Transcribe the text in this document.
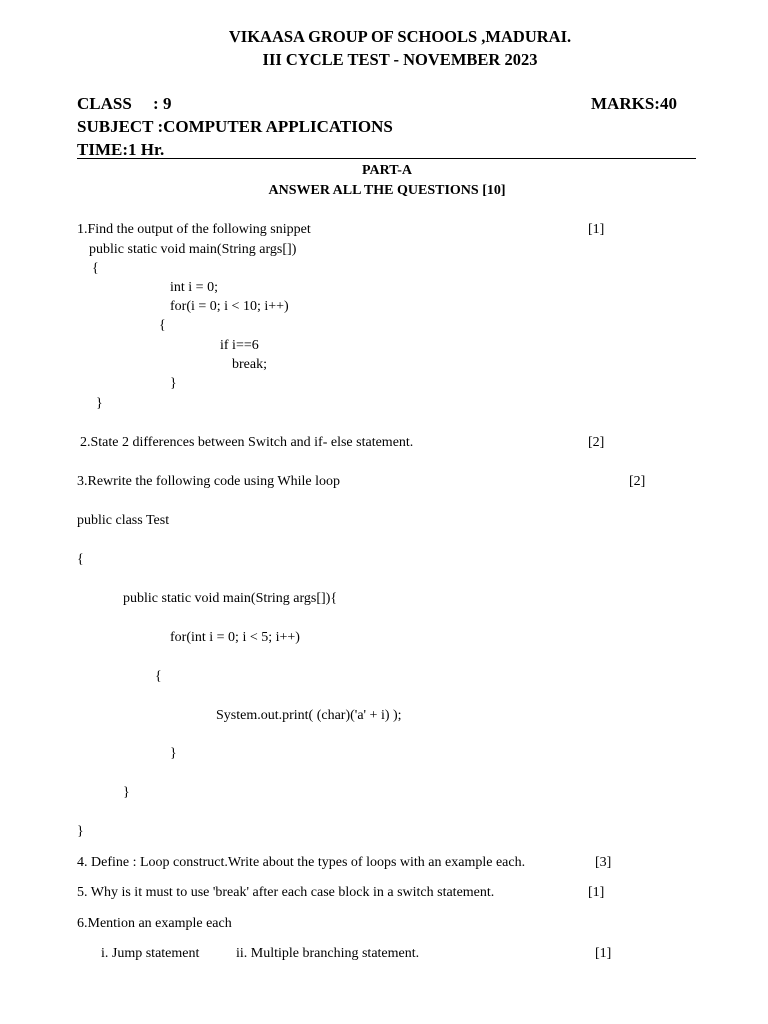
VIKAASA GROUP OF SCHOOLS ,MADURAI.
III CYCLE TEST - NOVEMBER 2023
CLASS     : 9	MARKS:40
SUBJECT :COMPUTER APPLICATIONS
TIME:1 Hr.
PART-A
ANSWER ALL THE QUESTIONS [10]
1.Find the output of the following snippet	[1]
public static void main(String args[])
{
int i = 0;
for(i = 0; i < 10; i++)
{
if i==6
break;
}
}
2.State 2 differences between Switch and if- else statement.	[2]
3.Rewrite the following code using While loop	[2]
public class Test
{
public static void main(String args[]){
for(int i = 0; i < 5; i++)
{
System.out.print( (char)('a' + i) );
}
}
}
4. Define : Loop construct.Write about the types of loops with an example each.	[3]
5. Why is it must to use 'break' after each case block in a switch statement.	[1]
6.Mention an example each
i. Jump statement	ii. Multiple branching statement.	[1]
